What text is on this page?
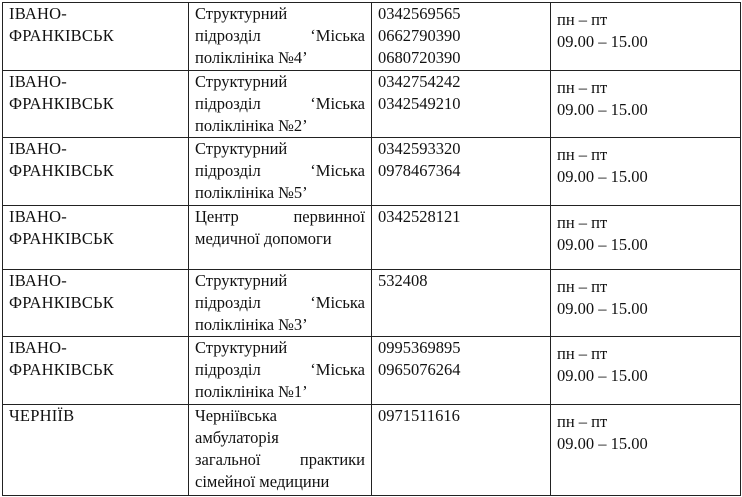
ІВАНО-
ФРАНКІВСЬК	Структурний
підрозділ ‘Міська
поліклініка №4’	0342569565
0662790390
0680720390	пн – пт
09.00 – 15.00

ІВАНО-
ФРАНКІВСЬК	Структурний
підрозділ ‘Міська
поліклініка №2’	0342754242
0342549210	пн – пт
09.00 – 15.00

ІВАНО-
ФРАНКІВСЬК	Структурний
підрозділ ‘Міська
поліклініка №5’	0342593320
0978467364	пн – пт
09.00 – 15.00

ІВАНО-
ФРАНКІВСЬК	Центр первинної
медичної допомоги	0342528121	пн – пт
09.00 – 15.00

ІВАНО-
ФРАНКІВСЬК	Структурний
підрозділ ‘Міська
поліклініка №3’	532408	пн – пт
09.00 – 15.00

ІВАНО-
ФРАНКІВСЬК	Структурний
підрозділ ‘Міська
поліклініка №1’	0995369895
0965076264	пн – пт
09.00 – 15.00

ЧЕРНІЇВ	Черніївська
амбулаторія
загальної практики
сімейної медицини	0971511616	пн – пт
09.00 – 15.00
